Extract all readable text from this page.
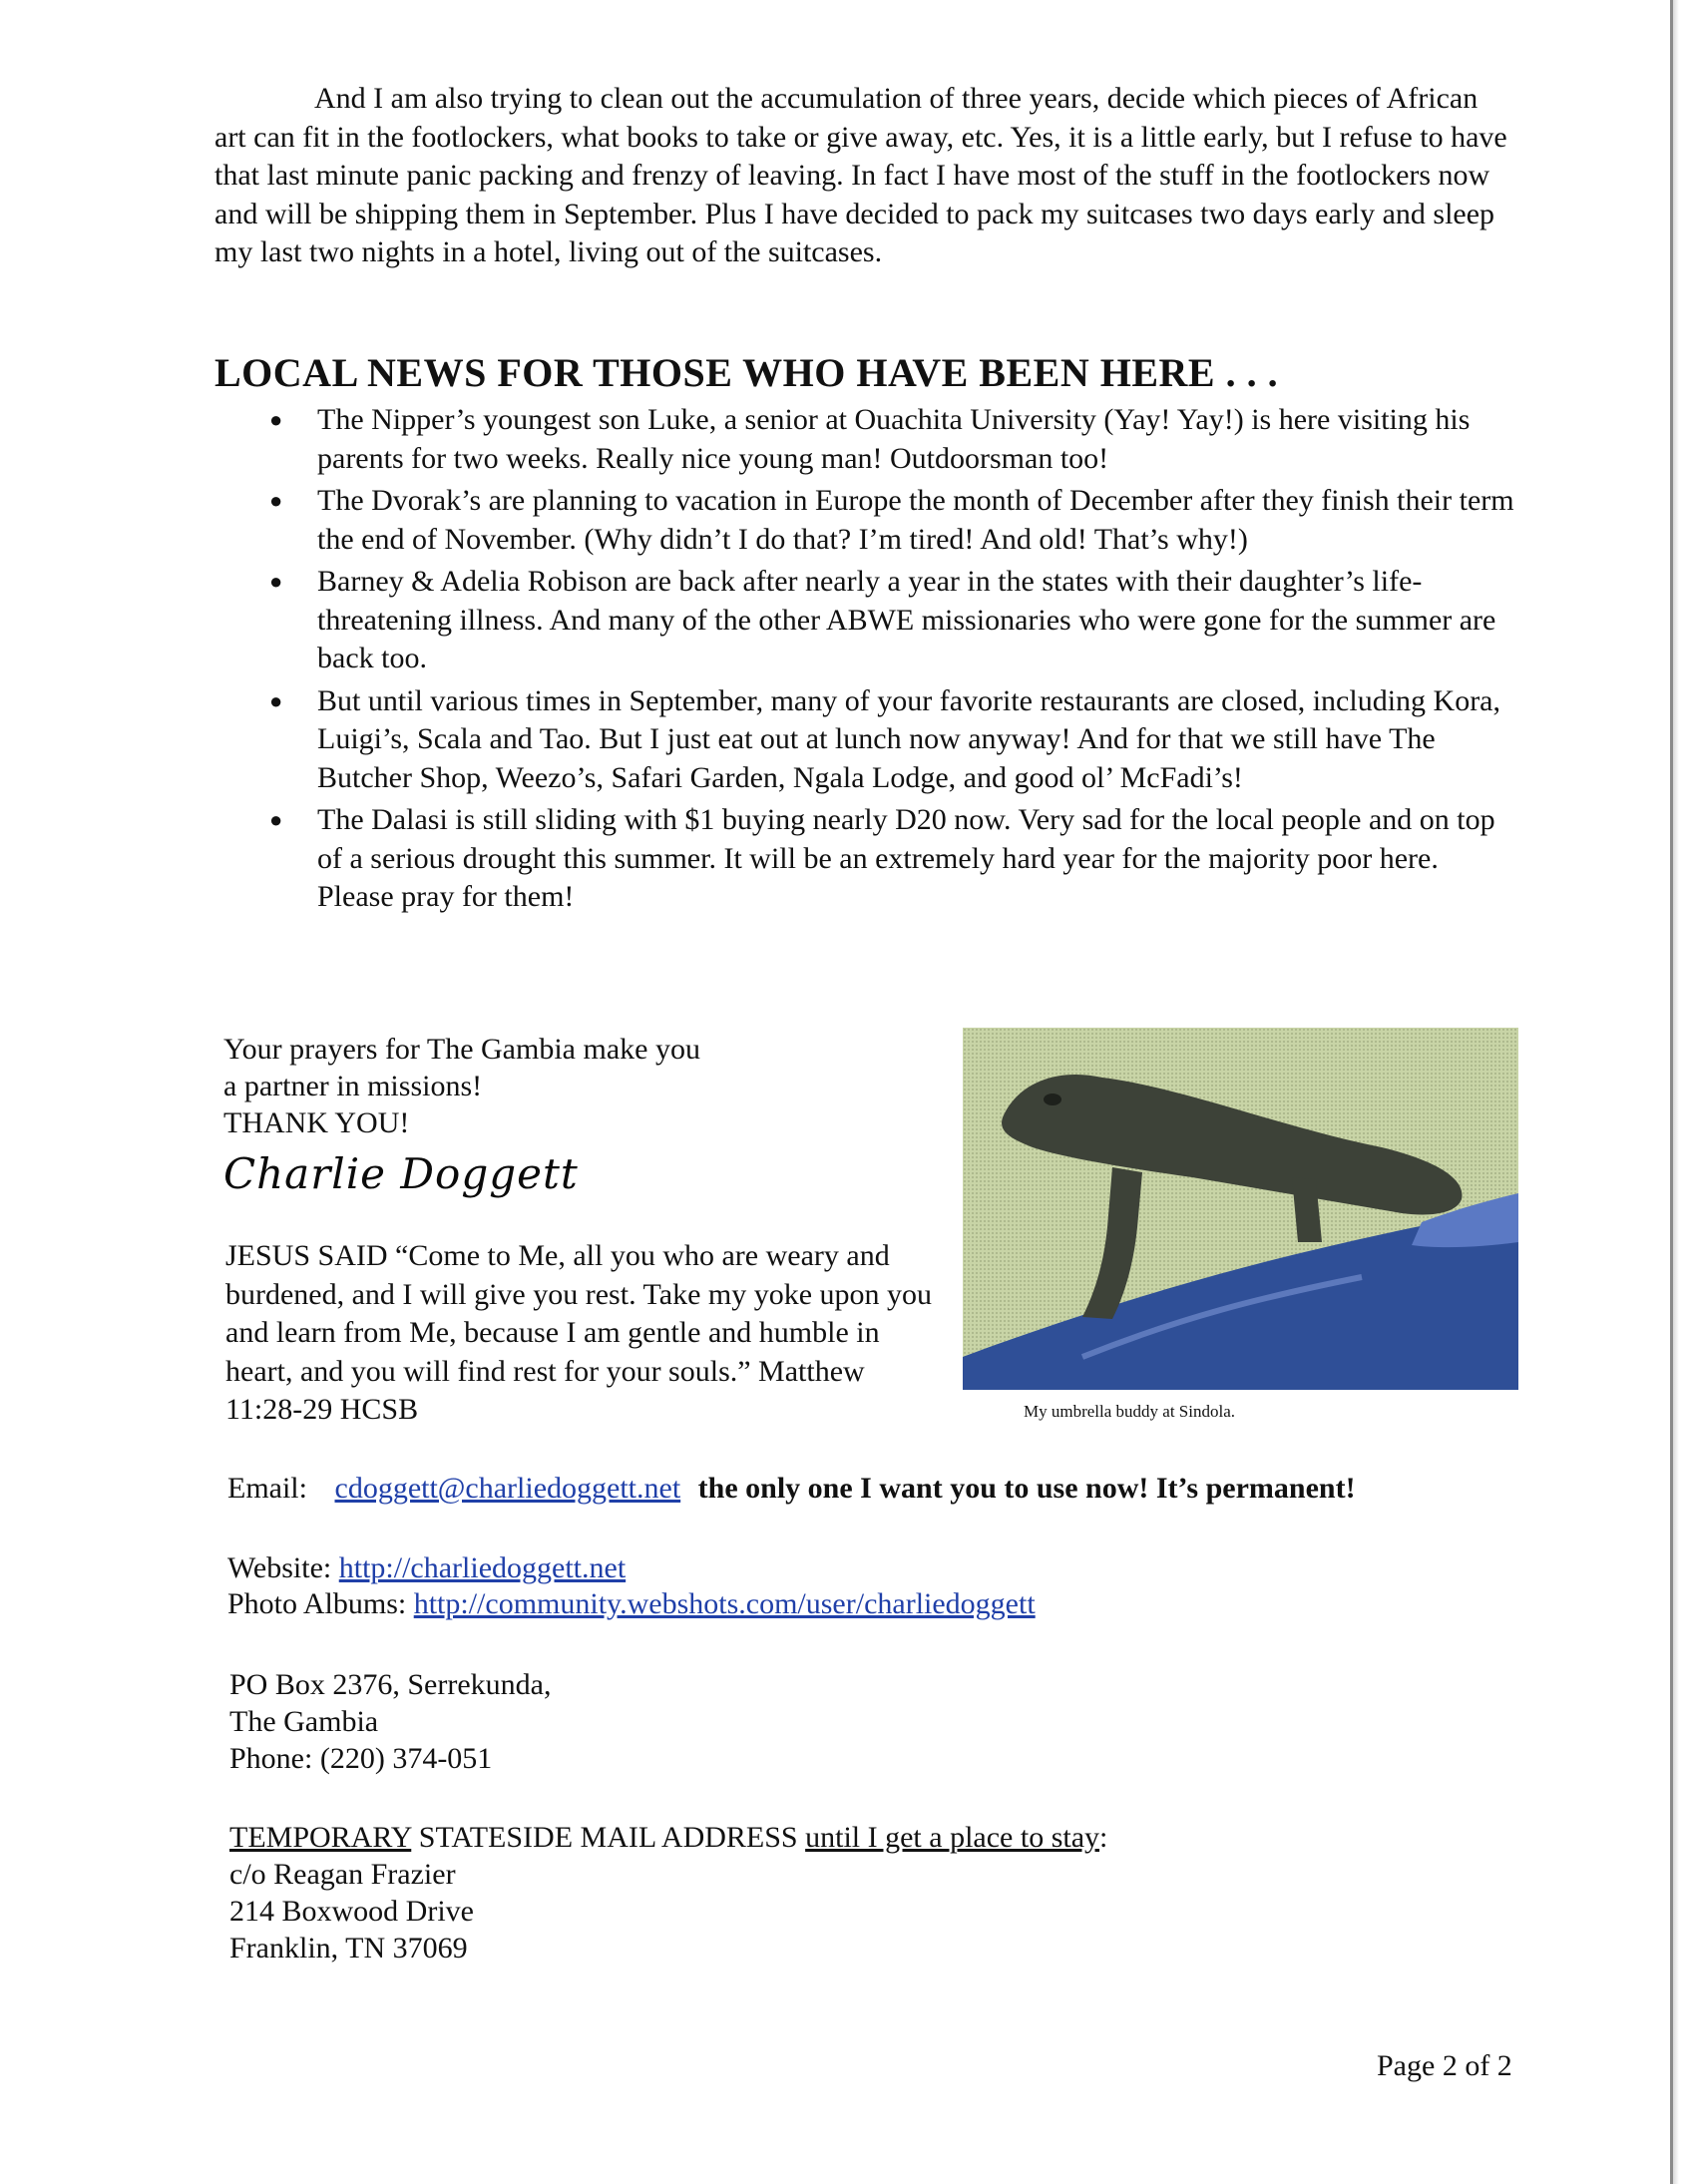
And I am also trying to clean out the accumulation of three years, decide which pieces of African art can fit in the footlockers, what books to take or give away, etc. Yes, it is a little early, but I refuse to have that last minute panic packing and frenzy of leaving. In fact I have most of the stuff in the footlockers now and will be shipping them in September. Plus I have decided to pack my suitcases two days early and sleep my last two nights in a hotel, living out of the suitcases.

LOCAL NEWS FOR THOSE WHO HAVE BEEN HERE . . .
● The Nipper’s youngest son Luke, a senior at Ouachita University (Yay! Yay!) is here visiting his parents for two weeks. Really nice young man! Outdoorsman too!
● The Dvorak’s are planning to vacation in Europe the month of December after they finish their term the end of November. (Why didn’t I do that? I’m tired! And old! That’s why!)
● Barney & Adelia Robison are back after nearly a year in the states with their daughter’s life-threatening illness. And many of the other ABWE missionaries who were gone for the summer are back too.
● But until various times in September, many of your favorite restaurants are closed, including Kora, Luigi’s, Scala and Tao. But I just eat out at lunch now anyway! And for that we still have The Butcher Shop, Weezo’s, Safari Garden, Ngala Lodge, and good ol’ McFadi’s!
● The Dalasi is still sliding with $1 buying nearly D20 now. Very sad for the local people and on top of a serious drought this summer. It will be an extremely hard year for the majority poor here. Please pray for them!

Your prayers for The Gambia make you
a partner in missions!
THANK YOU!

Charlie Doggett

JESUS SAID “Come to Me, all you who are weary and burdened, and I will give you rest. Take my yoke upon you and learn from Me, because I am gentle and humble in heart, and you will find rest for your souls.” Matthew 11:28-29 HCSB	My umbrella buddy at Sindola.
Email: cdoggett@charliedoggett.net the only one I want you to use now! It’s permanent!

Website: http://charliedoggett.net
Photo Albums: http://community.webshots.com/user/charliedoggett

PO Box 2376, Serrekunda,
The Gambia
Phone: (220) 374-051

TEMPORARY STATESIDE MAIL ADDRESS until I get a place to stay:
c/o Reagan Frazier
214 Boxwood Drive
Franklin, TN 37069

Page 2 of 2
